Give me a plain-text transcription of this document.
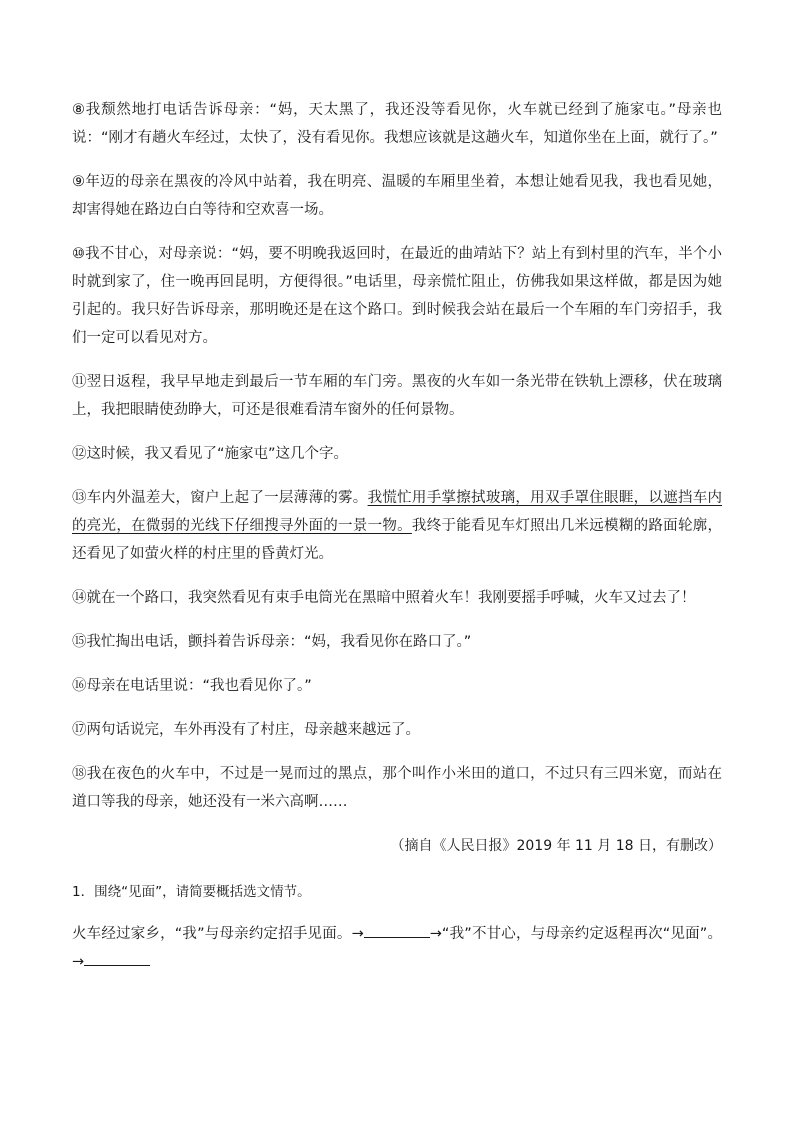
⑧我颓然地打电话告诉母亲：“妈，天太黑了，我还没等看见你，火车就已经到了施家屯。”母亲也说：“刚才有趟火车经过，太快了，没有看见你。我想应该就是这趟火车，知道你坐在上面，就行了。”

⑨年迈的母亲在黑夜的冷风中站着，我在明亮、温暖的车厢里坐着，本想让她看见我，我也看见她，却害得她在路边白白等待和空欢喜一场。

⑩我不甘心，对母亲说：“妈，要不明晚我返回时，在最近的曲靖站下？站上有到村里的汽车，半个小时就到家了，住一晚再回昆明，方便得很。”电话里，母亲慌忙阻止，仿佛我如果这样做，都是因为她引起的。我只好告诉母亲，那明晚还是在这个路口。到时候我会站在最后一个车厢的车门旁招手，我们一定可以看见对方。

⑪翌日返程，我早早地走到最后一节车厢的车门旁。黑夜的火车如一条光带在铁轨上漂移，伏在玻璃上，我把眼睛使劲睁大，可还是很难看清车窗外的任何景物。

⑫这时候，我又看见了“施家屯”这几个字。

⑬车内外温差大，窗户上起了一层薄薄的雾。我慌忙用手掌擦拭玻璃，用双手罩住眼睚，以遮挡车内的亮光，在微弱的光线下仔细搜寻外面的一景一物。我终于能看见车灯照出几米远模糊的路面轮廓，还看见了如萤火样的村庄里的昏黄灯光。

⑭就在一个路口，我突然看见有束手电筒光在黑暗中照着火车！我刚要摇手呼喊，火车又过去了！

⑮我忙掏出电话，颤抖着告诉母亲：“妈，我看见你在路口了。”

⑯母亲在电话里说：“我也看见你了。”

⑰两句话说完，车外再没有了村庄，母亲越来越远了。

⑱我在夜色的火车中，不过是一晃而过的黑点，那个叫作小米田的道口，不过只有三四米宽，而站在道口等我的母亲，她还没有一米六高啊……

（摘自《人民日报》2019 年 11 月 18 日，有删改）

1．围绕“见面”，请简要概括选文情节。

火车经过家乡，“我”与母亲约定招手见面。→	→“我”不甘心，与母亲约定返程再次“见面”。→
